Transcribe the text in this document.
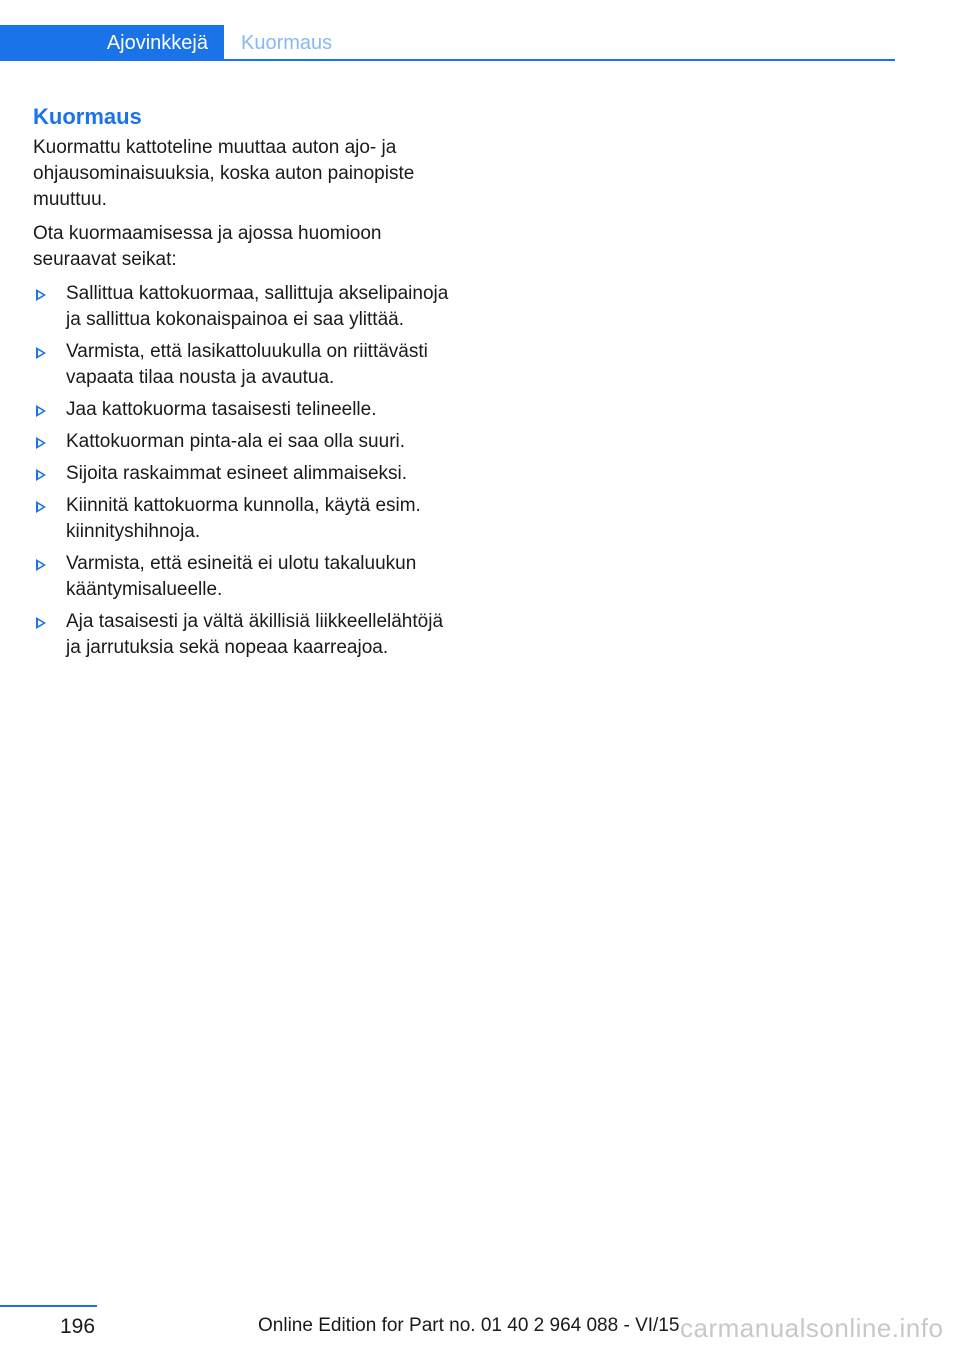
Ajovinkkejä	Kuormaus
Kuormaus

Kuormattu kattoteline muuttaa auton ajo- ja ohjausominaisuuksia, koska auton painopiste muuttuu.

Ota kuormaamisessa ja ajossa huomioon seuraavat seikat:

Sallittua kattokuormaa, sallittuja akselipainoja ja sallittua kokonaispainoa ei saa ylittää.
Varmista, että lasikattoluukulla on riittävästi vapaata tilaa nousta ja avautua.
Jaa kattokuorma tasaisesti telineelle.
Kattokuorman pinta-ala ei saa olla suuri.
Sijoita raskaimmat esineet alimmaiseksi.
Kiinnitä kattokuorma kunnolla, käytä esim. kiinnityshihnoja.
Varmista, että esineitä ei ulotu takaluukun kääntymisalueelle.
Aja tasaisesti ja vältä äkillisiä liikkeellelähtöjä ja jarrutuksia sekä nopeaa kaarreajoa.
196	Online Edition for Part no. 01 40 2 964 088 - VI/15 carmanualsonline.info
